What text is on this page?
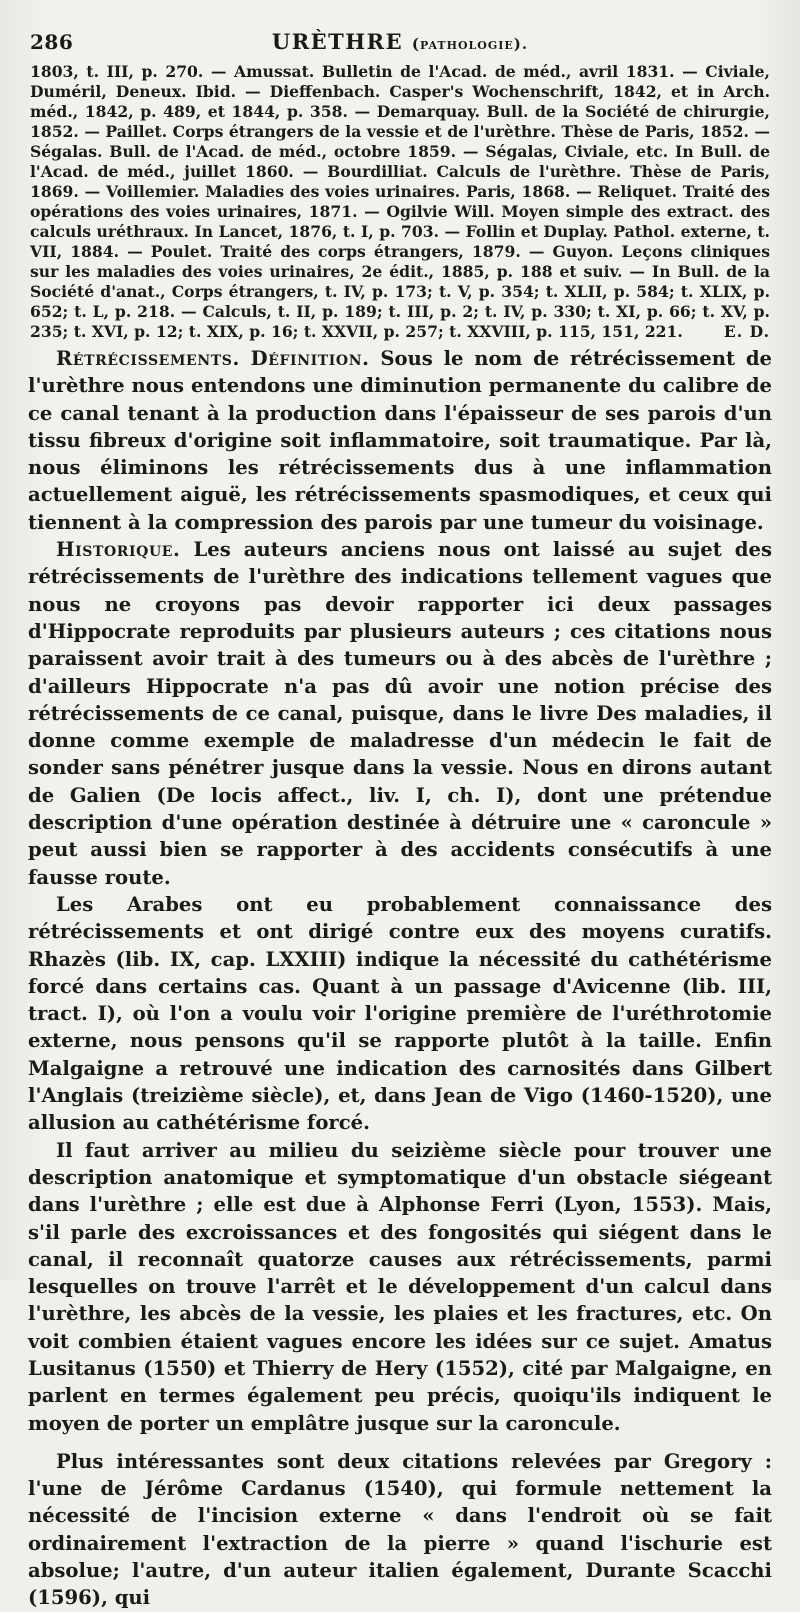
286	URÈTHRE (pathologie).

1803, t. III, p. 270. — Amussat. Bulletin de l'Acad. de méd., avril 1831. — Civiale, Duméril, Deneux. Ibid. — Dieffenbach. Casper's Wochenschrift, 1842, et in Arch. méd., 1842, p. 489, et 1844, p. 358. — Demarquay. Bull. de la Société de chirurgie, 1852. — Paillet. Corps étrangers de la vessie et de l'urèthre. Thèse de Paris, 1852. — Ségalas. Bull. de l'Acad. de méd., octobre 1859. — Ségalas, Civiale, etc. In Bull. de l'Acad. de méd., juillet 1860. — Bourdilliat. Calculs de l'urèthre. Thèse de Paris, 1869. — Voillemier. Maladies des voies urinaires. Paris, 1868. — Reliquet. Traité des opérations des voies urinaires, 1871. — Ogilvie Will. Moyen simple des extract. des calculs uréthraux. In Lancet, 1876, t. I, p. 703. — Follin et Duplay. Pathol. externe, t. VII, 1884. — Poulet. Traité des corps étrangers, 1879. — Guyon. Leçons cliniques sur les maladies des voies urinaires, 2e édit., 1885, p. 188 et suiv. — In Bull. de la Société d'anat., Corps étrangers, t. IV, p. 173; t. V, p. 354; t. XLII, p. 584; t. XLIX, p. 652; t. L, p. 218. — Calculs, t. II, p. 189; t. III, p. 2; t. IV, p. 330; t. XI, p. 66; t. XV, p. 235; t. XVI, p. 12; t. XIX, p. 16; t. XXVII, p. 257; t. XXVIII, p. 115, 151, 221.	E. D.

Rétrécissements. Définition. Sous le nom de rétrécissement de l'urèthre nous entendons une diminution permanente du calibre de ce canal tenant à la production dans l'épaisseur de ses parois d'un tissu fibreux d'origine soit inflammatoire, soit traumatique. Par là, nous éliminons les rétrécissements dus à une inflammation actuellement aiguë, les rétrécissements spasmodiques, et ceux qui tiennent à la compression des parois par une tumeur du voisinage.

Historique. Les auteurs anciens nous ont laissé au sujet des rétrécissements de l'urèthre des indications tellement vagues que nous ne croyons pas devoir rapporter ici deux passages d'Hippocrate reproduits par plusieurs auteurs ; ces citations nous paraissent avoir trait à des tumeurs ou à des abcès de l'urèthre ; d'ailleurs Hippocrate n'a pas dû avoir une notion précise des rétrécissements de ce canal, puisque, dans le livre Des maladies, il donne comme exemple de maladresse d'un médecin le fait de sonder sans pénétrer jusque dans la vessie. Nous en dirons autant de Galien (De locis affect., liv. I, ch. I), dont une prétendue description d'une opération destinée à détruire une « caroncule » peut aussi bien se rapporter à des accidents consécutifs à une fausse route.

Les Arabes ont eu probablement connaissance des rétrécissements et ont dirigé contre eux des moyens curatifs. Rhazès (lib. IX, cap. LXXIII) indique la nécessité du cathétérisme forcé dans certains cas. Quant à un passage d'Avicenne (lib. III, tract. I), où l'on a voulu voir l'origine première de l'uréthrotomie externe, nous pensons qu'il se rapporte plutôt à la taille. Enfin Malgaigne a retrouvé une indication des carnosités dans Gilbert l'Anglais (treizième siècle), et, dans Jean de Vigo (1460-1520), une allusion au cathétérisme forcé.

Il faut arriver au milieu du seizième siècle pour trouver une description anatomique et symptomatique d'un obstacle siégeant dans l'urèthre ; elle est due à Alphonse Ferri (Lyon, 1553). Mais, s'il parle des excroissances et des fongosités qui siégent dans le canal, il reconnaît quatorze causes aux rétrécissements, parmi lesquelles on trouve l'arrêt et le développement d'un calcul dans l'urèthre, les abcès de la vessie, les plaies et les fractures, etc. On voit combien étaient vagues encore les idées sur ce sujet. Amatus Lusitanus (1550) et Thierry de Hery (1552), cité par Malgaigne, en parlent en termes également peu précis, quoiqu'ils indiquent le moyen de porter un emplâtre jusque sur la caroncule.

Plus intéressantes sont deux citations relevées par Gregory : l'une de Jérôme Cardanus (1540), qui formule nettement la nécessité de l'incision externe « dans l'endroit où se fait ordinairement l'extraction de la pierre » quand l'ischurie est absolue; l'autre, d'un auteur italien également, Durante Scacchi (1596), qui
